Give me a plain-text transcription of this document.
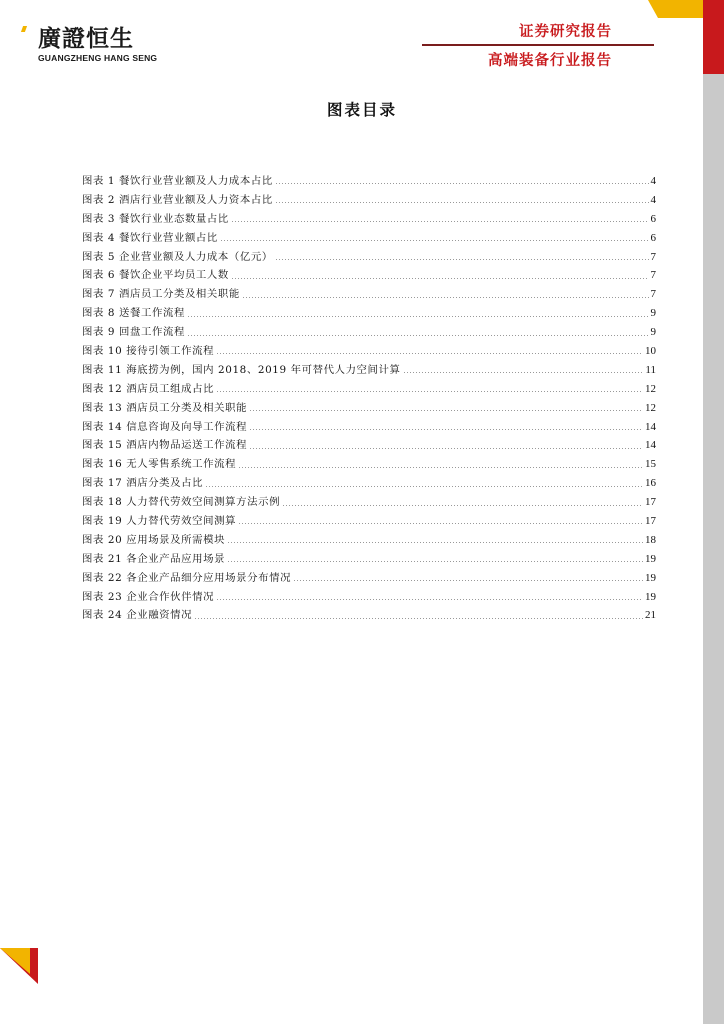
廣證恒生
GUANGZHENG HANG SENG
证券研究报告
高端装备行业报告
图表目录
图表 1 餐饮行业营业额及人力成本占比	4
图表 2 酒店行业营业额及人力资本占比	4
图表 3 餐饮行业业态数量占比	6
图表 4 餐饮行业营业额占比	6
图表 5 企业营业额及人力成本（亿元）	7
图表 6 餐饮企业平均员工人数	7
图表 7 酒店员工分类及相关职能	7
图表 8 送餐工作流程	9
图表 9 回盘工作流程	9
图表 10 接待引领工作流程	10
图表 11 海底捞为例，国内 2018、2019 年可替代人力空间计算	11
图表 12 酒店员工组成占比	12
图表 13 酒店员工分类及相关职能	12
图表 14 信息咨询及向导工作流程	14
图表 15 酒店内物品运送工作流程	14
图表 16 无人零售系统工作流程	15
图表 17 酒店分类及占比	16
图表 18 人力替代劳效空间测算方法示例	17
图表 19 人力替代劳效空间测算	17
图表 20 应用场景及所需模块	18
图表 21 各企业产品应用场景	19
图表 22 各企业产品细分应用场景分布情况	19
图表 23 企业合作伙伴情况	19
图表 24 企业融资情况	21
